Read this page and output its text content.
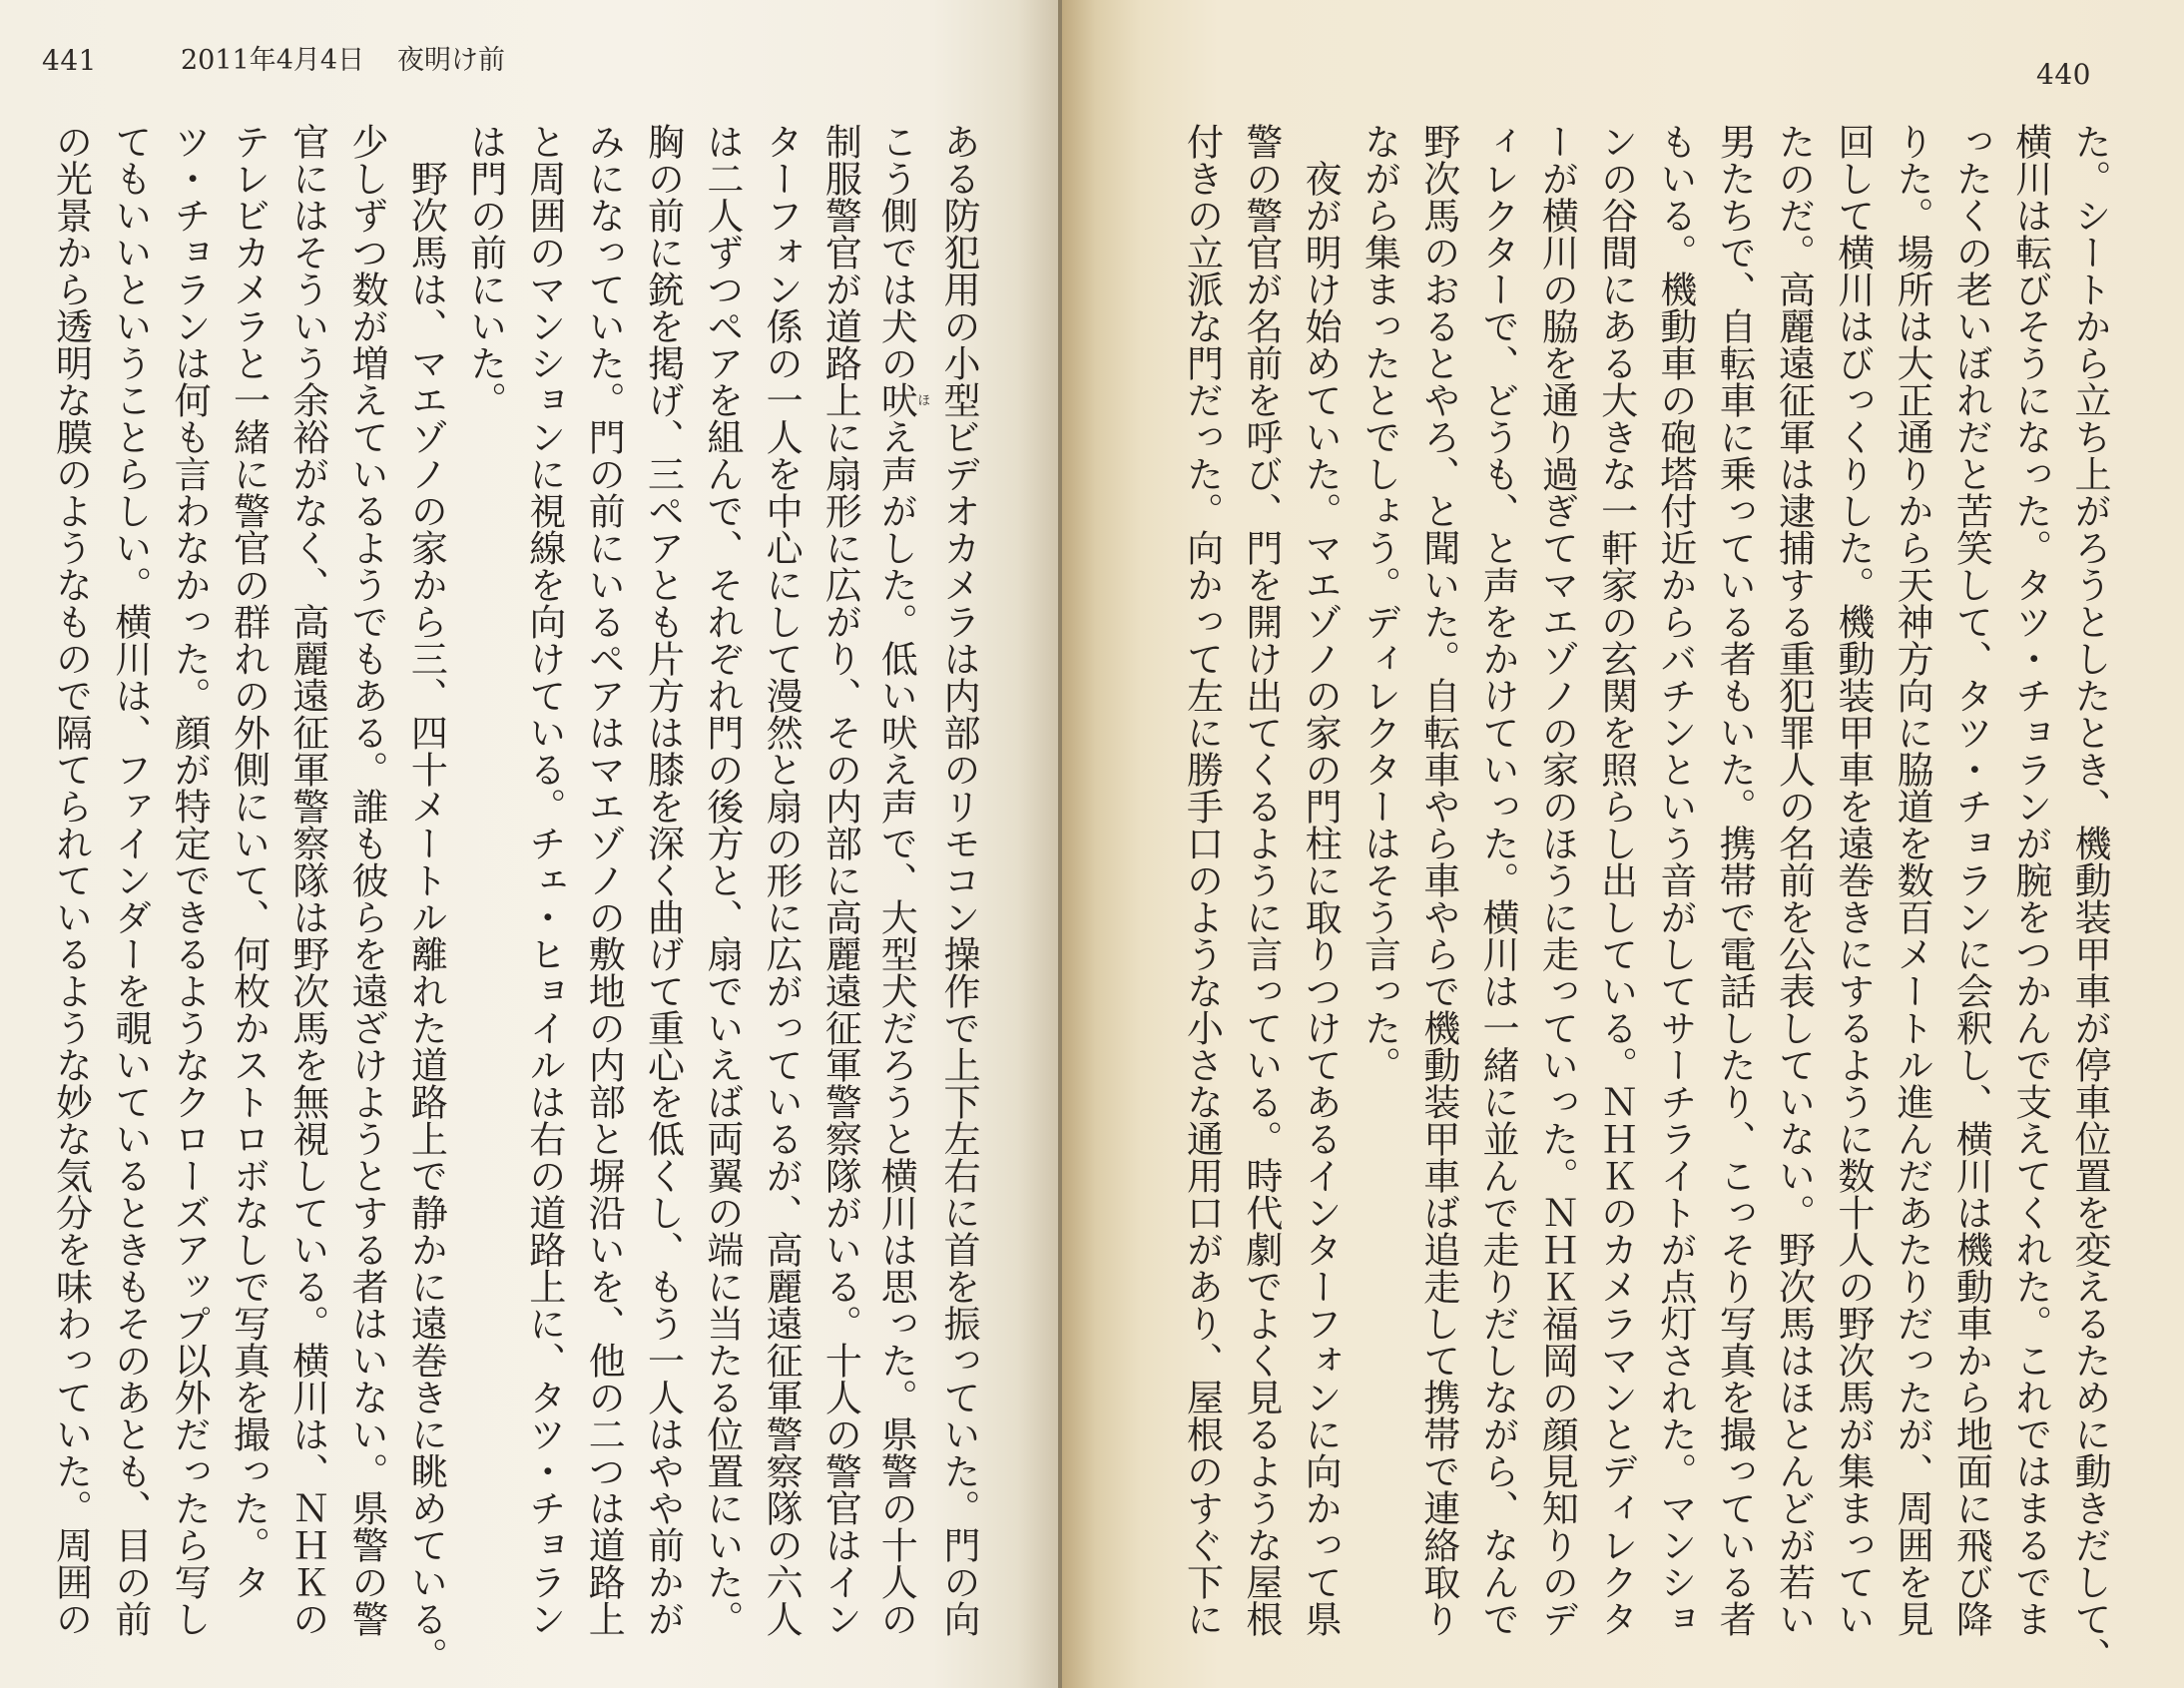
441	2011年4月4日 夜明け前	440
ある防犯用の小型ビデオカメラは内部のリモコン操作で上下左右に首を振っていた。門の向
こう側では犬の吠ほえ声がした。低い吠え声で、大型犬だろうと横川は思った。県警の十人の
制服警官が道路上に扇形に広がり、その内部に高麗遠征軍警察隊がいる。十人の警官はイン
ターフォン係の一人を中心にして漫然と扇の形に広がっているが、高麗遠征軍警察隊の六人
は二人ずつペアを組んで、それぞれ門の後方と、扇でいえば両翼の端に当たる位置にいた。
胸の前に銃を掲げ、三ペアとも片方は膝を深く曲げて重心を低くし、もう一人はやや前かが
みになっていた。門の前にいるペアはマエゾノの敷地の内部と塀沿いを、他の二つは道路上
と周囲のマンションに視線を向けている。チェ・ヒョイルは右の道路上に、タツ・チョラン
は門の前にいた。
野次馬は、マエゾノの家から三、四十メートル離れた道路上で静かに遠巻きに眺めている。
少しずつ数が増えているようでもある。誰も彼らを遠ざけようとする者はいない。県警の警
官にはそういう余裕がなく、高麗遠征軍警察隊は野次馬を無視している。横川は、ＮＨＫの
テレビカメラと一緒に警官の群れの外側にいて、何枚かストロボなしで写真を撮った。タ
ツ・チョランは何も言わなかった。顔が特定できるようなクローズアップ以外だったら写し
てもいいということらしい。横川は、ファインダーを覗いているときもそのあとも、目の前
の光景から透明な膜のようなもので隔てられているような妙な気分を味わっていた。周囲の	た。シートから立ち上がろうとしたとき、機動装甲車が停車位置を変えるために動きだして、
横川は転びそうになった。タツ・チョランが腕をつかんで支えてくれた。これではまるでま
ったくの老いぼれだと苦笑して、タツ・チョランに会釈し、横川は機動車から地面に飛び降
りた。場所は大正通りから天神方向に脇道を数百メートル進んだあたりだったが、周囲を見
回して横川はびっくりした。機動装甲車を遠巻きにするように数十人の野次馬が集まってい
たのだ。高麗遠征軍は逮捕する重犯罪人の名前を公表していない。野次馬はほとんどが若い
男たちで、自転車に乗っている者もいた。携帯で電話したり、こっそり写真を撮っている者
もいる。機動車の砲塔付近からバチンという音がしてサーチライトが点灯された。マンショ
ンの谷間にある大きな一軒家の玄関を照らし出している。ＮＨＫのカメラマンとディレクタ
ーが横川の脇を通り過ぎてマエゾノの家のほうに走っていった。ＮＨＫ福岡の顔見知りのデ
ィレクターで、どうも、と声をかけていった。横川は一緒に並んで走りだしながら、なんで
野次馬のおるとやろ、と聞いた。自転車やら車やらで機動装甲車ば追走して携帯で連絡取り
ながら集まったとでしょう。ディレクターはそう言った。
夜が明け始めていた。マエゾノの家の門柱に取りつけてあるインターフォンに向かって県
警の警官が名前を呼び、門を開け出てくるように言っている。時代劇でよく見るような屋根
付きの立派な門だった。向かって左に勝手口のような小さな通用口があり、屋根のすぐ下に
